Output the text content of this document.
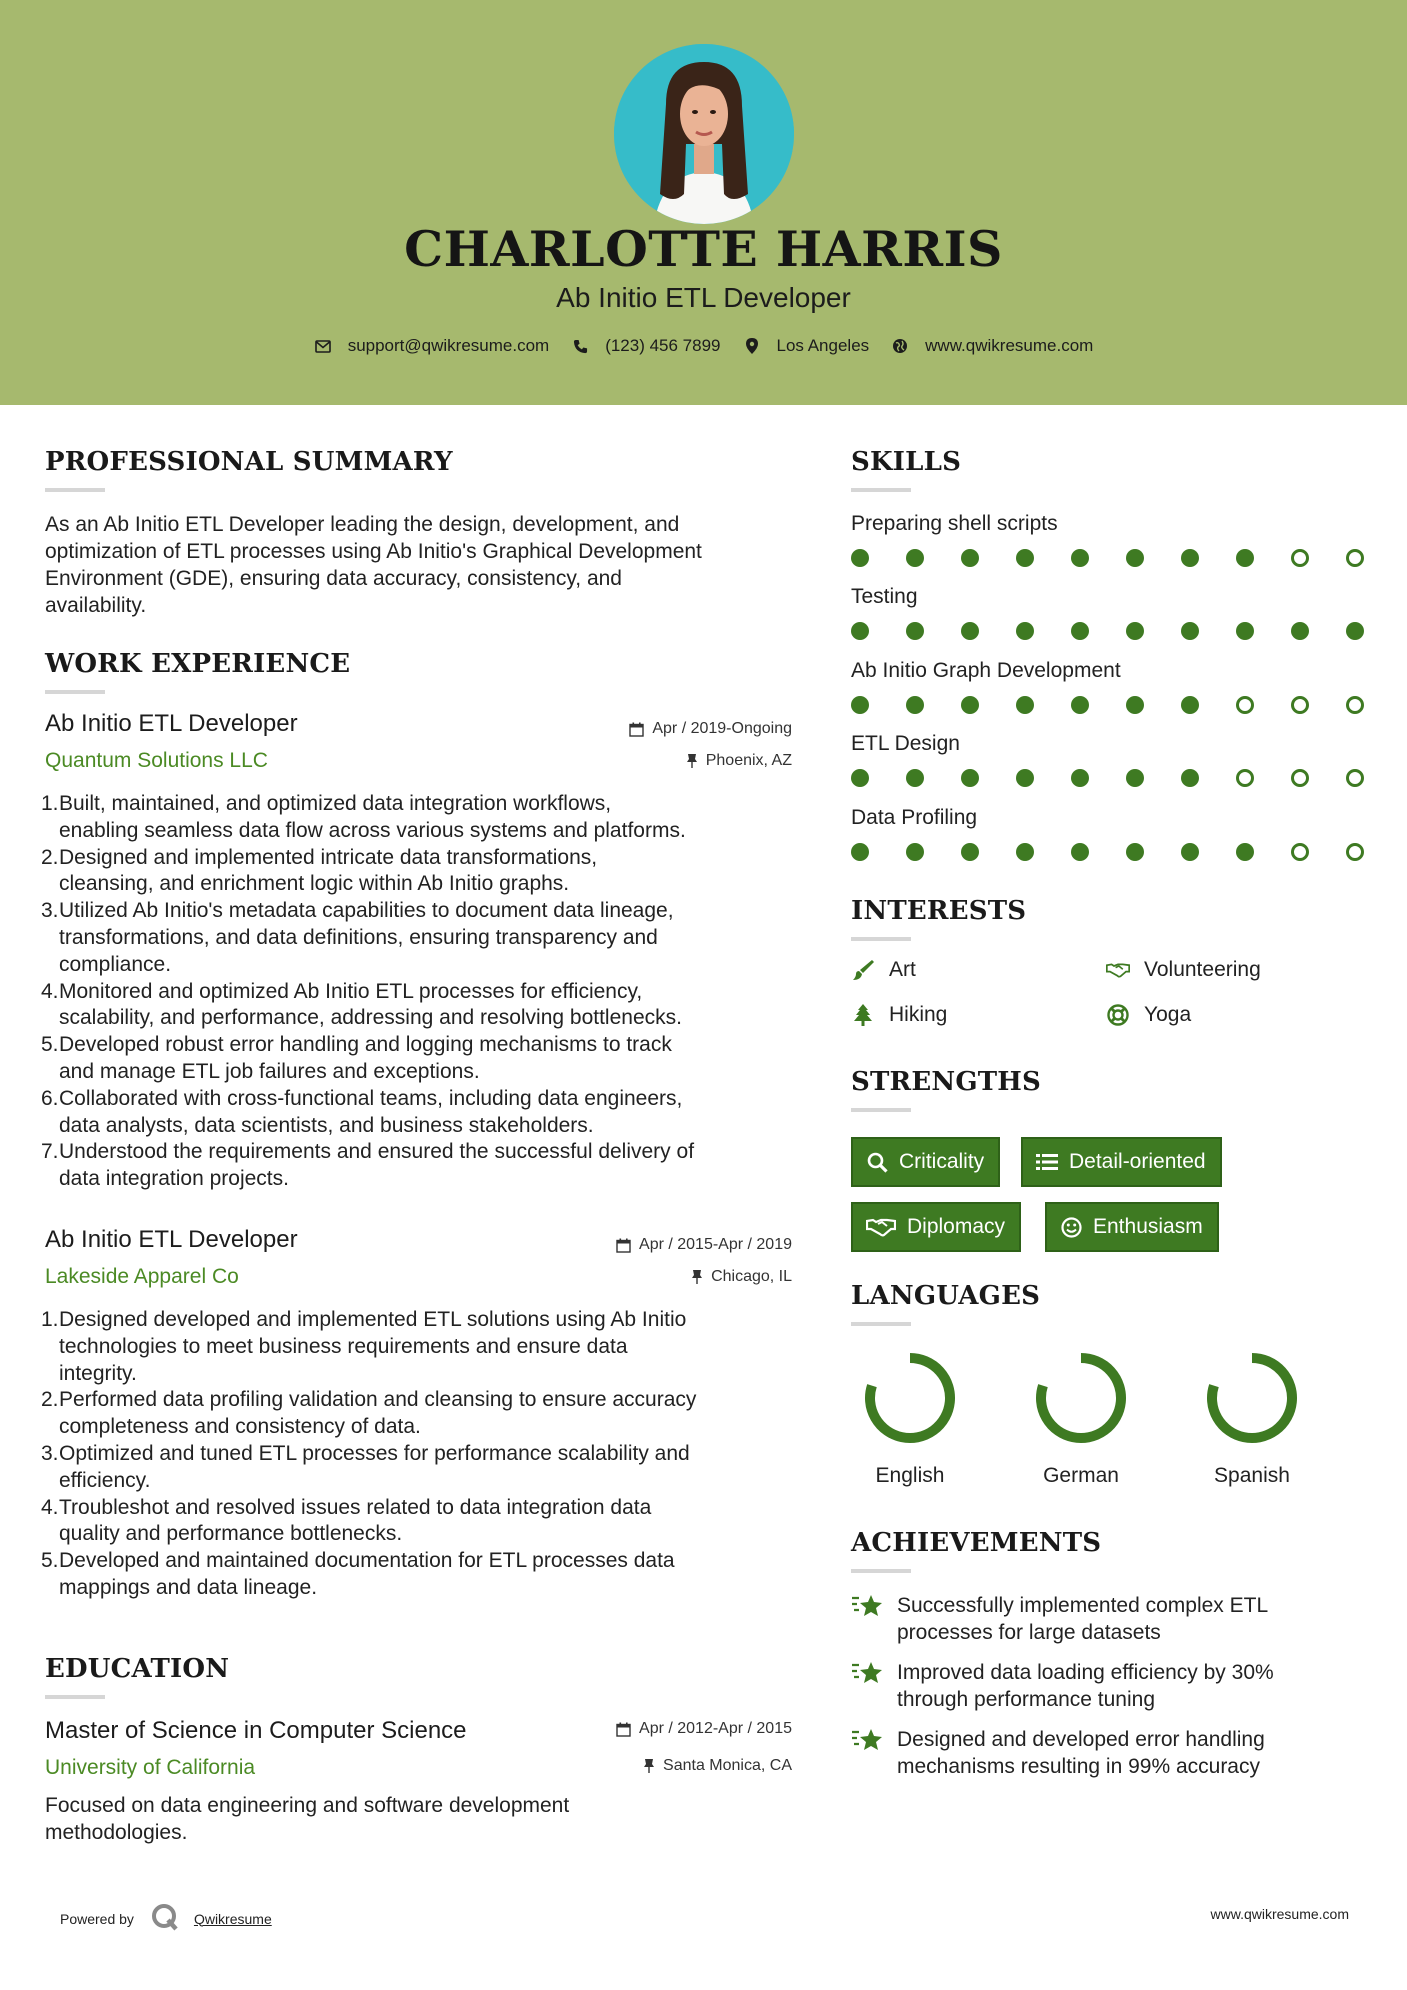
CHARLOTTE HARRIS
Ab Initio ETL Developer
support@qwikresume.com	(123) 456 7899	Los Angeles	www.qwikresume.com
PROFESSIONAL SUMMARY
As an Ab Initio ETL Developer leading the design, development, and
optimization of ETL processes using Ab Initio's Graphical Development
Environment (GDE), ensuring data accuracy, consistency, and
availability.
WORK EXPERIENCE
Ab Initio ETL Developer	Apr / 2019-Ongoing
Quantum Solutions LLC	Phoenix, AZ
1. Built, maintained, and optimized data integration workflows,
enabling seamless data flow across various systems and platforms.
2. Designed and implemented intricate data transformations,
cleansing, and enrichment logic within Ab Initio graphs.
3. Utilized Ab Initio's metadata capabilities to document data lineage,
transformations, and data definitions, ensuring transparency and
compliance.
4. Monitored and optimized Ab Initio ETL processes for efficiency,
scalability, and performance, addressing and resolving bottlenecks.
5. Developed robust error handling and logging mechanisms to track
and manage ETL job failures and exceptions.
6. Collaborated with cross-functional teams, including data engineers,
data analysts, data scientists, and business stakeholders.
7. Understood the requirements and ensured the successful delivery of
data integration projects.
Ab Initio ETL Developer	Apr / 2015-Apr / 2019
Lakeside Apparel Co	Chicago, IL
1. Designed developed and implemented ETL solutions using Ab Initio
technologies to meet business requirements and ensure data
integrity.
2. Performed data profiling validation and cleansing to ensure accuracy
completeness and consistency of data.
3. Optimized and tuned ETL processes for performance scalability and
efficiency.
4. Troubleshot and resolved issues related to data integration data
quality and performance bottlenecks.
5. Developed and maintained documentation for ETL processes data
mappings and data lineage.
EDUCATION
Master of Science in Computer Science	Apr / 2012-Apr / 2015
University of California	Santa Monica, CA
Focused on data engineering and software development
methodologies.
SKILLS
Preparing shell scripts
Testing
Ab Initio Graph Development
ETL Design
Data Profiling
INTERESTS
Art	Volunteering
Hiking	Yoga
STRENGTHS
Criticality	Detail-oriented
Diplomacy	Enthusiasm
LANGUAGES
English	German	Spanish
ACHIEVEMENTS
Successfully implemented complex ETL
processes for large datasets
Improved data loading efficiency by 30%
through performance tuning
Designed and developed error handling
mechanisms resulting in 99% accuracy
Powered by	Qwikresume	www.qwikresume.com
